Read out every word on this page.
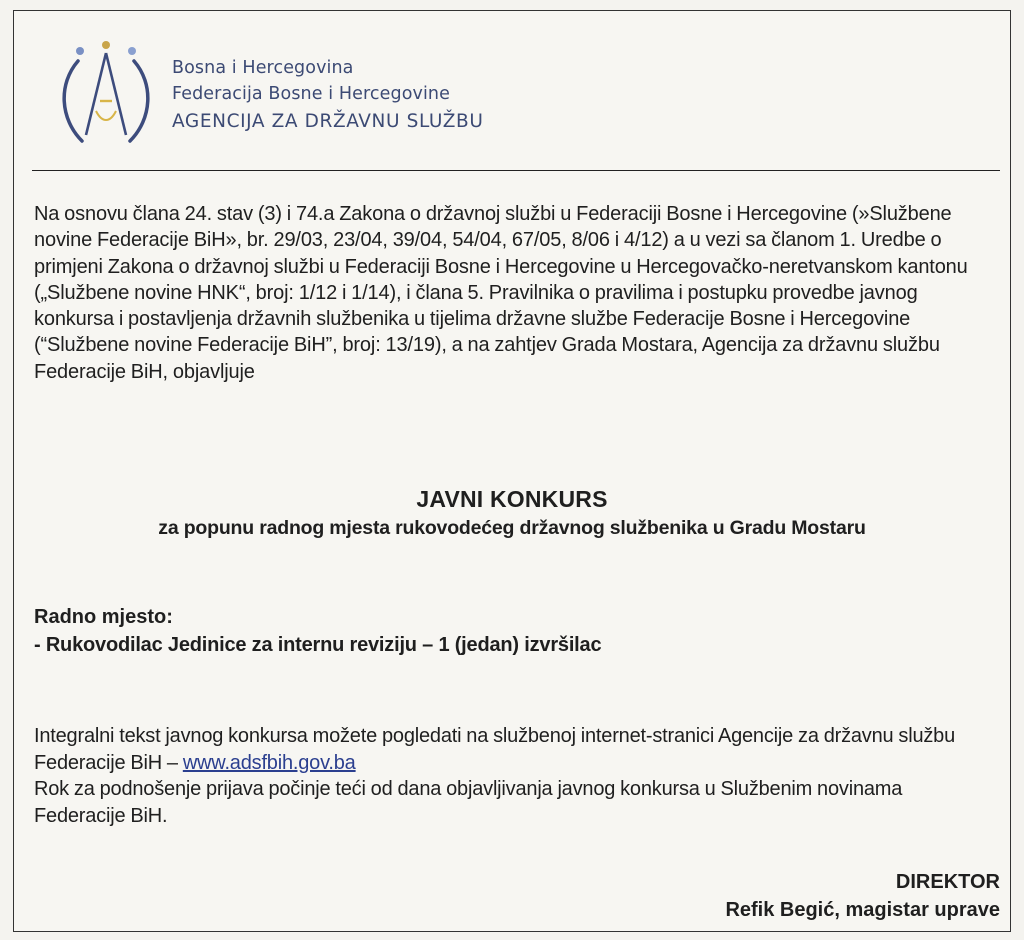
Bosna i Hercegovina
Federacija Bosne i Hercegovine
AGENCIJA ZA DRŽAVNU SLUŽBU
Na osnovu člana 24. stav (3) i 74.a Zakona o državnoj službi u Federaciji Bosne i Hercegovine (»Službene novine Federacije BiH», br. 29/03, 23/04, 39/04, 54/04, 67/05, 8/06 i 4/12) a u vezi sa članom 1. Uredbe o primjeni Zakona o državnoj službi u Federaciji Bosne i Hercegovine u Hercegovačko-neretvanskom kantonu („Službene novine HNK“, broj: 1/12 i 1/14), i člana 5. Pravilnika o pravilima i postupku provedbe javnog konkursa i postavljenja državnih službenika u tijelima državne službe Federacije Bosne i Hercegovine (“Službene novine Federacije BiH”, broj: 13/19), a na zahtjev Grada Mostara, Agencija za državnu službu Federacije BiH, objavljuje
JAVNI KONKURS
za popunu radnog mjesta rukovodećeg državnog službenika u Gradu Mostaru
Radno mjesto:
- Rukovodilac Jedinice za internu reviziju – 1 (jedan) izvršilac
Integralni tekst javnog konkursa možete pogledati na službenoj internet-stranici Agencije za državnu službu Federacije BiH – www.adsfbih.gov.ba
Rok za podnošenje prijava počinje teći od dana objavljivanja javnog konkursa u Službenim novinama Federacije BiH.
DIREKTOR
Refik Begić, magistar uprave
